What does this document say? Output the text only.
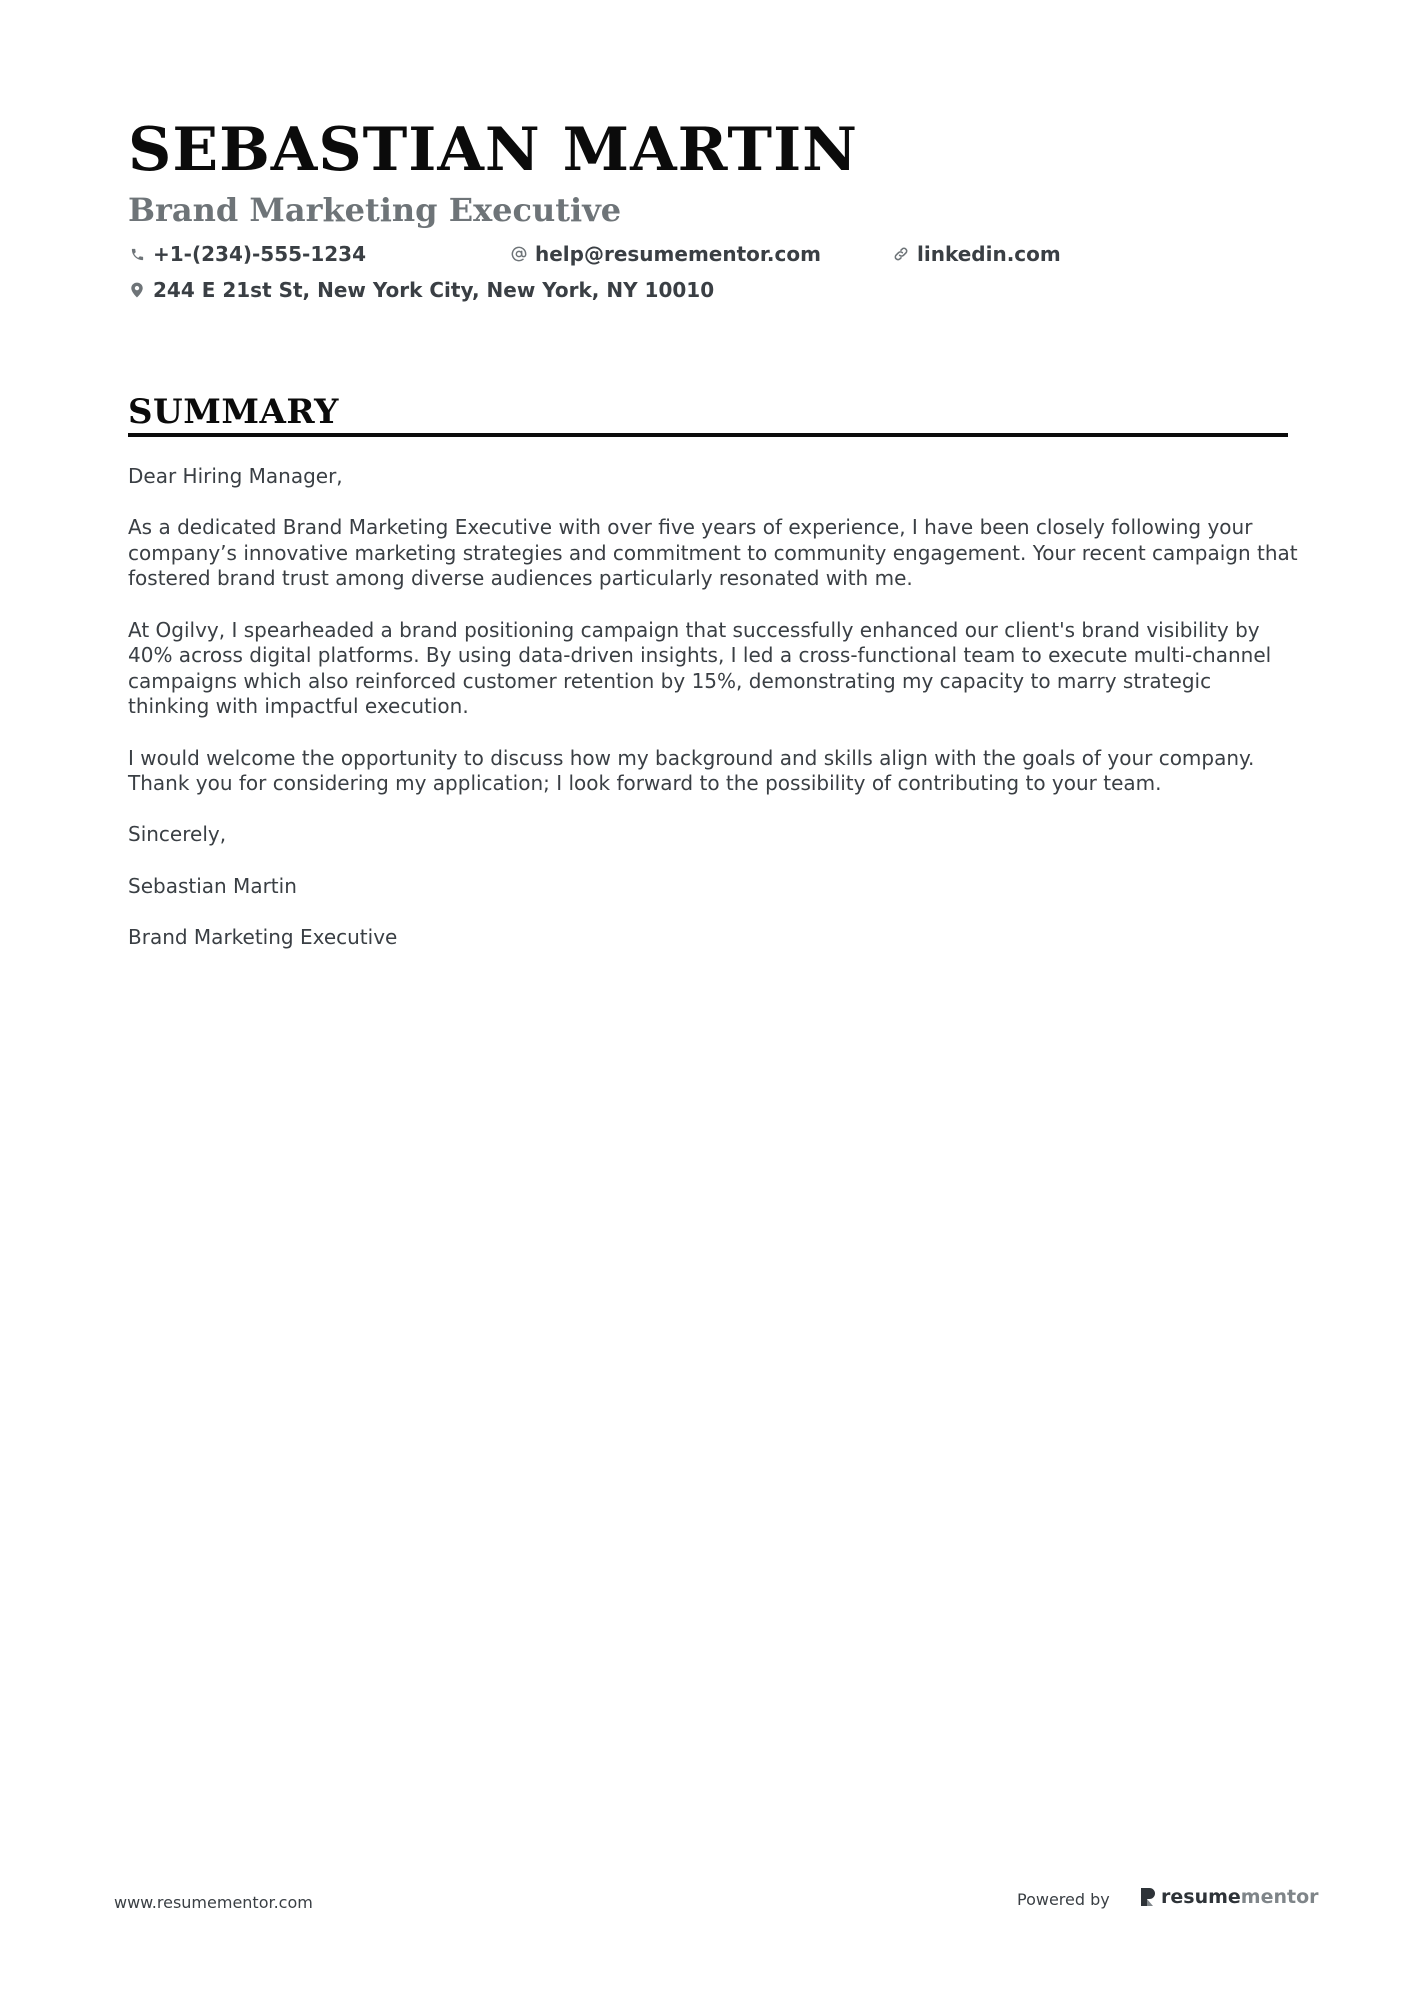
SEBASTIAN MARTIN
Brand Marketing Executive
+1-(234)-555-1234	help@resumementor.com	linkedin.com
244 E 21st St, New York City, New York, NY 10010
SUMMARY

Dear Hiring Manager,

As a dedicated Brand Marketing Executive with over five years of experience, I have been closely following your company’s innovative marketing strategies and commitment to community engagement. Your recent campaign that fostered brand trust among diverse audiences particularly resonated with me.

At Ogilvy, I spearheaded a brand positioning campaign that successfully enhanced our client's brand visibility by 40% across digital platforms. By using data-driven insights, I led a cross-functional team to execute multi-channel campaigns which also reinforced customer retention by 15%, demonstrating my capacity to marry strategic thinking with impactful execution.

I would welcome the opportunity to discuss how my background and skills align with the goals of your company. Thank you for considering my application; I look forward to the possibility of contributing to your team.

Sincerely,

Sebastian Martin

Brand Marketing Executive

www.resumementor.com	Powered by	resume mentor
